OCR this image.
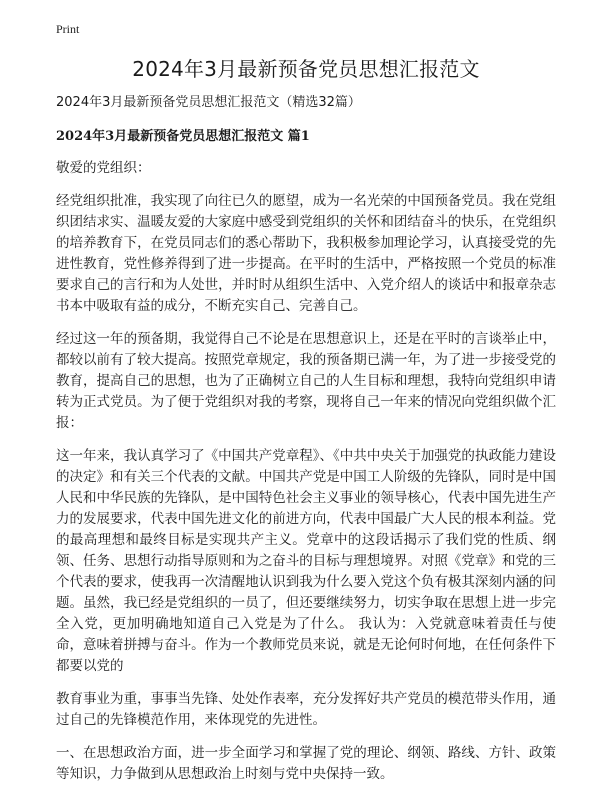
Print
2024年3月最新预备党员思想汇报范文

2024年3月最新预备党员思想汇报范文（精选32篇）

2024年3月最新预备党员思想汇报范文 篇1

敬爱的党组织：

经党组织批准，我实现了向往已久的愿望，成为一名光荣的中国预备党员。我在党组织团结求实、温暖友爱的大家庭中感受到党组织的关怀和团结奋斗的快乐，在党组织的培养教育下，在党员同志们的悉心帮助下，我积极参加理论学习，认真接受党的先进性教育，党性修养得到了进一步提高。在平时的生活中，严格按照一个党员的标准要求自己的言行和为人处世，并时时从组织生活中、入党介绍人的谈话中和报章杂志书本中吸取有益的成分，不断充实自己、完善自己。

经过这一年的预备期，我觉得自己不论是在思想意识上，还是在平时的言谈举止中，都较以前有了较大提高。按照党章规定，我的预备期已满一年，为了进一步接受党的教育，提高自己的思想，也为了正确树立自己的人生目标和理想，我特向党组织申请转为正式党员。为了便于党组织对我的考察，现将自己一年来的情况向党组织做个汇报：

这一年来，我认真学习了《中国共产党章程》、《中共中央关于加强党的执政能力建设的决定》和有关三个代表的文献。中国共产党是中国工人阶级的先锋队，同时是中国人民和中华民族的先锋队，是中国特色社会主义事业的领导核心，代表中国先进生产力的发展要求，代表中国先进文化的前进方向，代表中国最广大人民的根本利益。党的最高理想和最终目标是实现共产主义。党章中的这段话揭示了我们党的性质、纲领、任务、思想行动指导原则和为之奋斗的目标与理想境界。对照《党章》和党的三个代表的要求，使我再一次清醒地认识到我为什么要入党这个负有极其深刻内涵的问题。虽然，我已经是党组织的一员了，但还要继续努力，切实争取在思想上进一步完全入党，更加明确地知道自己入党是为了什么。 我认为：入党就意味着责任与使命，意味着拼搏与奋斗。作为一个教师党员来说，就是无论何时何地，在任何条件下都要以党的

教育事业为重，事事当先锋、处处作表率，充分发挥好共产党员的模范带头作用，通过自己的先锋模范作用，来体现党的先进性。

一、在思想政治方面，进一步全面学习和掌握了党的理论、纲领、路线、方针、政策等知识，力争做到从思想政治上时刻与党中央保持一致。
